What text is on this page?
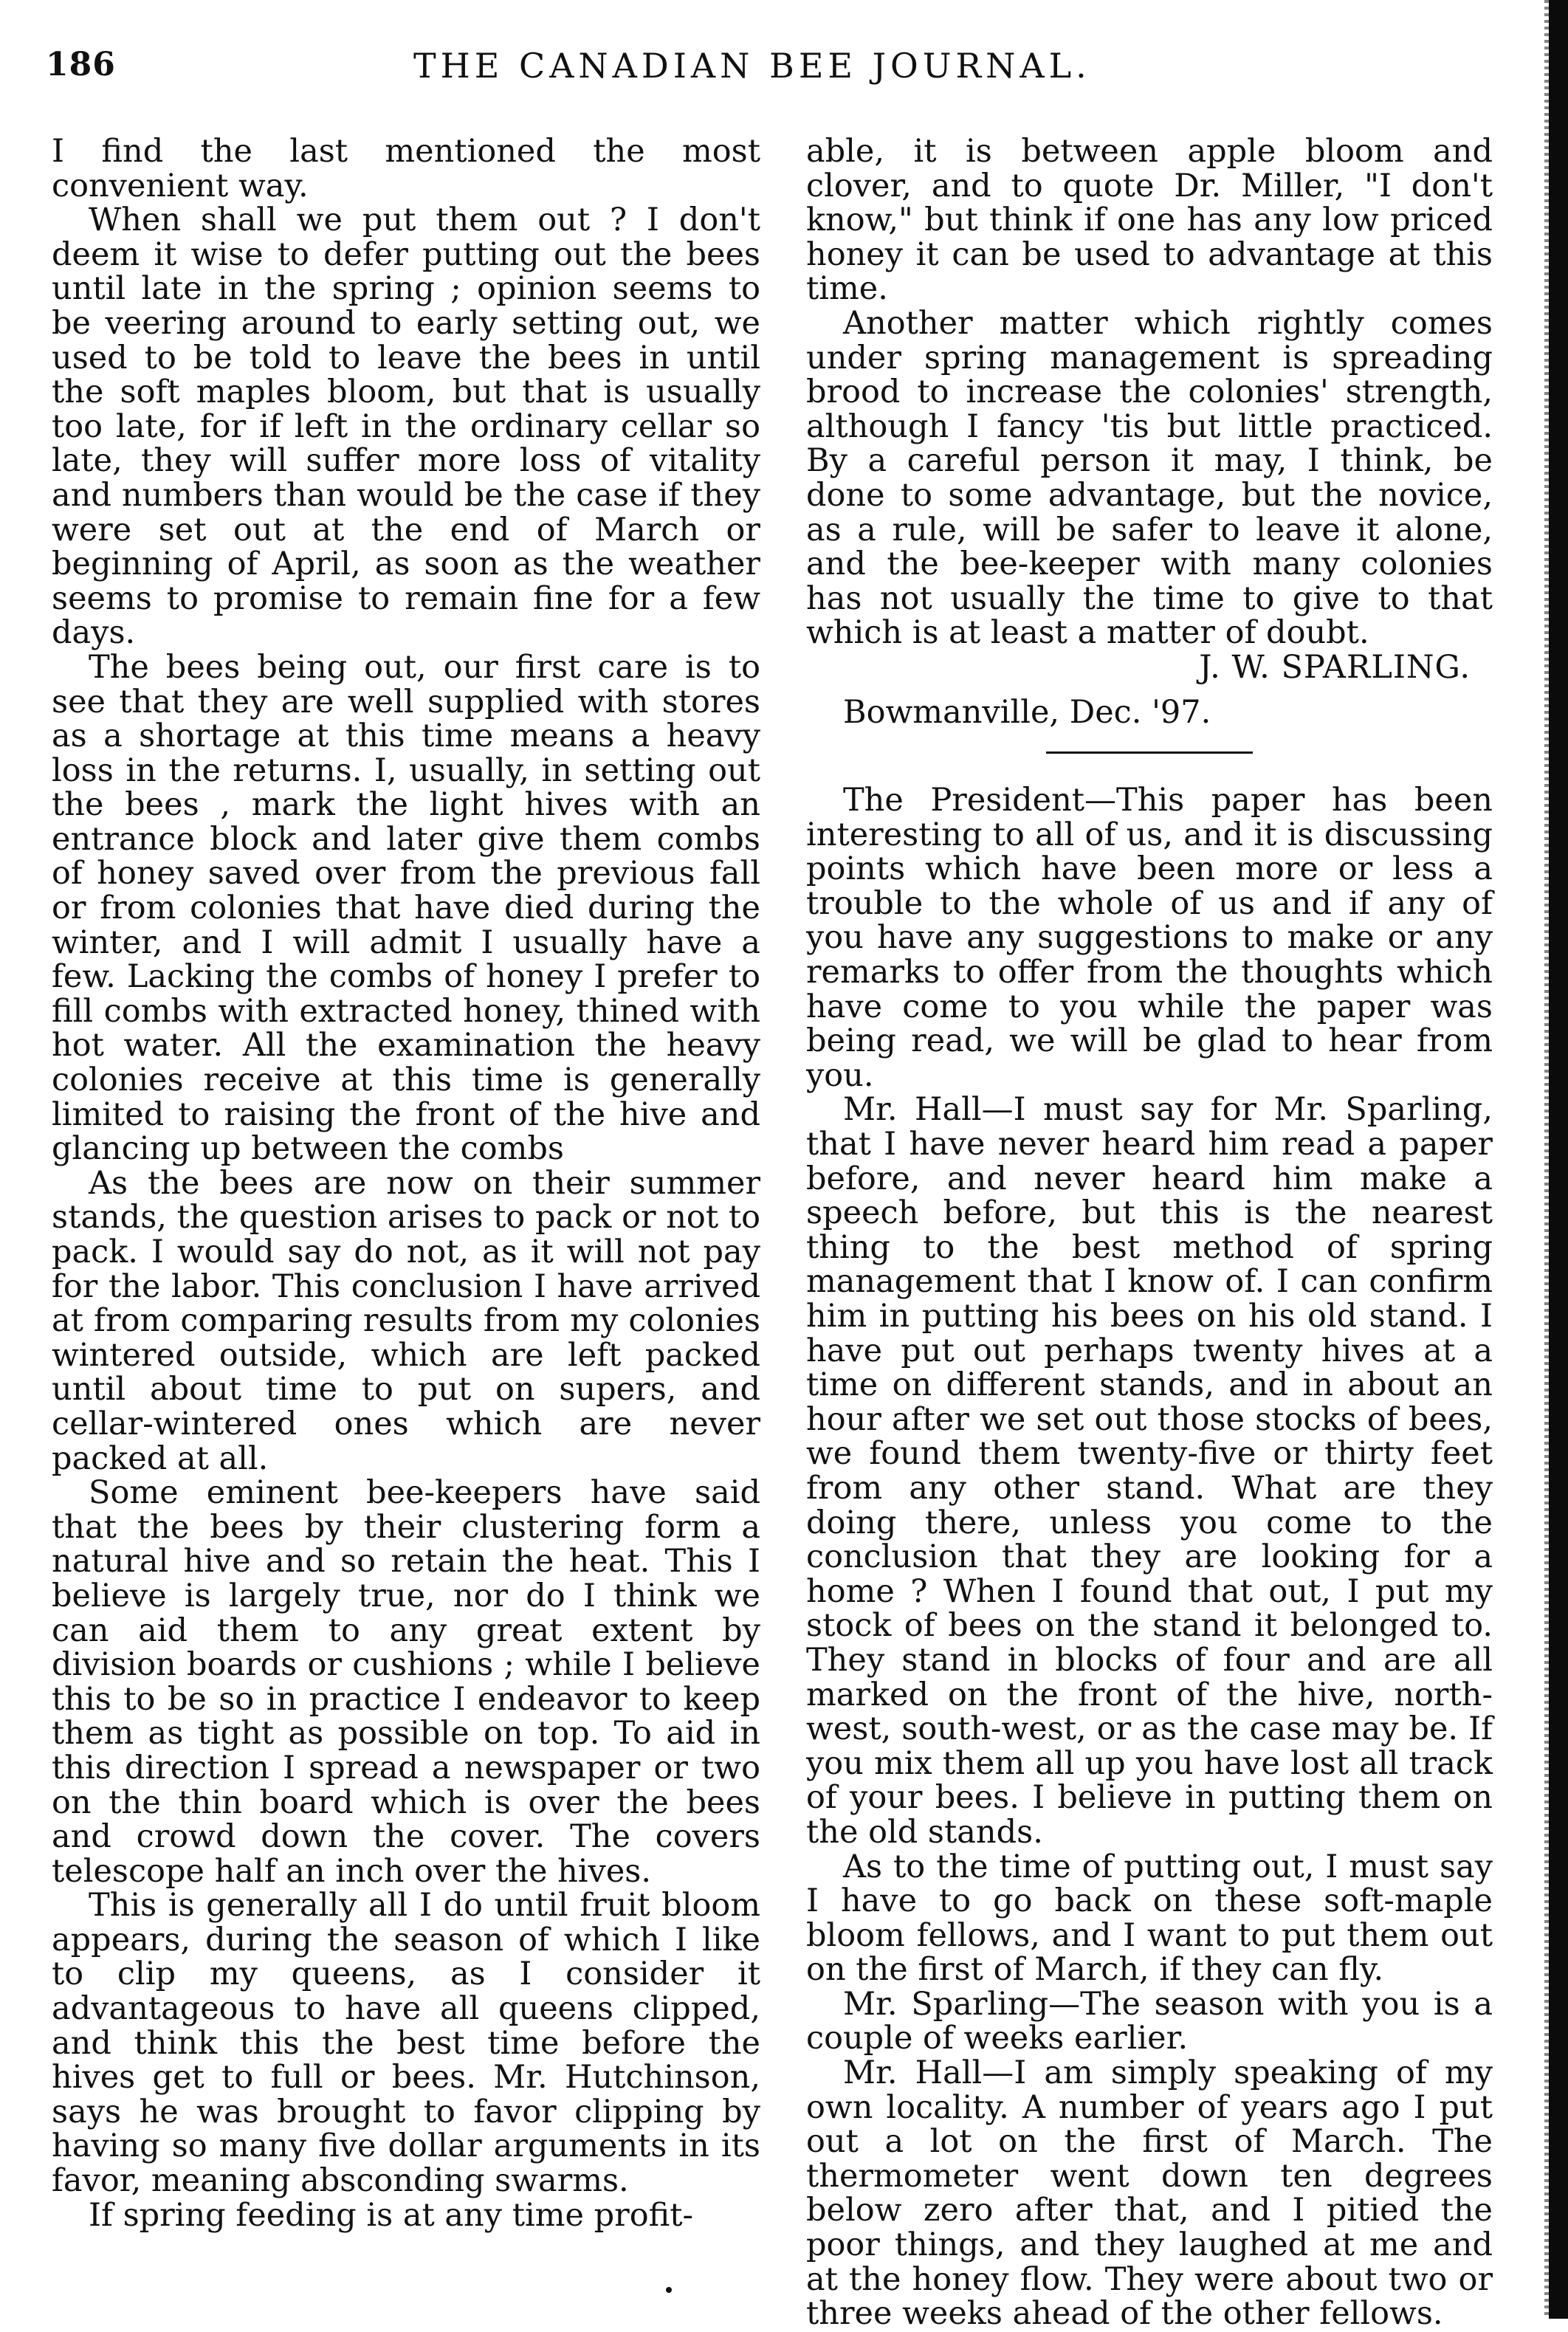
186	THE CANADIAN BEE JOURNAL.

I find the last mentioned the most convenient way.

When shall we put them out ? I don't deem it wise to defer putting out the bees until late in the spring ; opinion seems to be veering around to early setting out, we used to be told to leave the bees in until the soft maples bloom, but that is usually too late, for if left in the ordinary cellar so late, they will suffer more loss of vitality and numbers than would be the case if they were set out at the end of March or beginning of April, as soon as the weather seems to promise to remain fine for a few days.

The bees being out, our first care is to see that they are well supplied with stores as a shortage at this time means a heavy loss in the returns. I, usually, in setting out the bees , mark the light hives with an entrance block and later give them combs of honey saved over from the previous fall or from colonies that have died during the winter, and I will admit I usually have a few. Lacking the combs of honey I prefer to fill combs with extracted honey, thined with hot water. All the examination the heavy colonies receive at this time is generally limited to raising the front of the hive and glancing up between the combs

As the bees are now on their summer stands, the question arises to pack or not to pack. I would say do not, as it will not pay for the labor. This conclusion I have arrived at from comparing results from my colonies wintered outside, which are left packed until about time to put on supers, and cellar-wintered ones which are never packed at all.

Some eminent bee-keepers have said that the bees by their clustering form a natural hive and so retain the heat. This I believe is largely true, nor do I think we can aid them to any great extent by division boards or cushions ; while I believe this to be so in practice I endeavor to keep them as tight as possible on top. To aid in this direction I spread a newspaper or two on the thin board which is over the bees and crowd down the cover. The covers telescope half an inch over the hives.

This is generally all I do until fruit bloom appears, during the season of which I like to clip my queens, as I consider it advantageous to have all queens clipped, and think this the best time before the hives get to full or bees. Mr. Hutchinson, says he was brought to favor clipping by having so many five dollar arguments in its favor, meaning absconding swarms.

If spring feeding is at any time profit-

able, it is between apple bloom and clover, and to quote Dr. Miller, "I don't know," but think if one has any low priced honey it can be used to advantage at this time.

Another matter which rightly comes under spring management is spreading brood to increase the colonies' strength, although I fancy 'tis but little practiced. By a careful person it may, I think, be done to some advantage, but the novice, as a rule, will be safer to leave it alone, and the bee-keeper with many colonies has not usually the time to give to that which is at least a matter of doubt.

J. W. SPARLING.

Bowmanville, Dec. '97.

The President—This paper has been interesting to all of us, and it is discussing points which have been more or less a trouble to the whole of us and if any of you have any suggestions to make or any remarks to offer from the thoughts which have come to you while the paper was being read, we will be glad to hear from you.

Mr. Hall—I must say for Mr. Sparling, that I have never heard him read a paper before, and never heard him make a speech before, but this is the nearest thing to the best method of spring management that I know of. I can confirm him in putting his bees on his old stand. I have put out perhaps twenty hives at a time on different stands, and in about an hour after we set out those stocks of bees, we found them twenty-five or thirty feet from any other stand. What are they doing there, unless you come to the conclusion that they are looking for a home ? When I found that out, I put my stock of bees on the stand it belonged to. They stand in blocks of four and are all marked on the front of the hive, north-west, south-west, or as the case may be. If you mix them all up you have lost all track of your bees. I believe in putting them on the old stands.

As to the time of putting out, I must say I have to go back on these soft-maple bloom fellows, and I want to put them out on the first of March, if they can fly.

Mr. Sparling—The season with you is a couple of weeks earlier.

Mr. Hall—I am simply speaking of my own locality. A number of years ago I put out a lot on the first of March. The thermometer went down ten degrees below zero after that, and I pitied the poor things, and they laughed at me and at the honey flow. They were about two or three weeks ahead of the other fellows.
